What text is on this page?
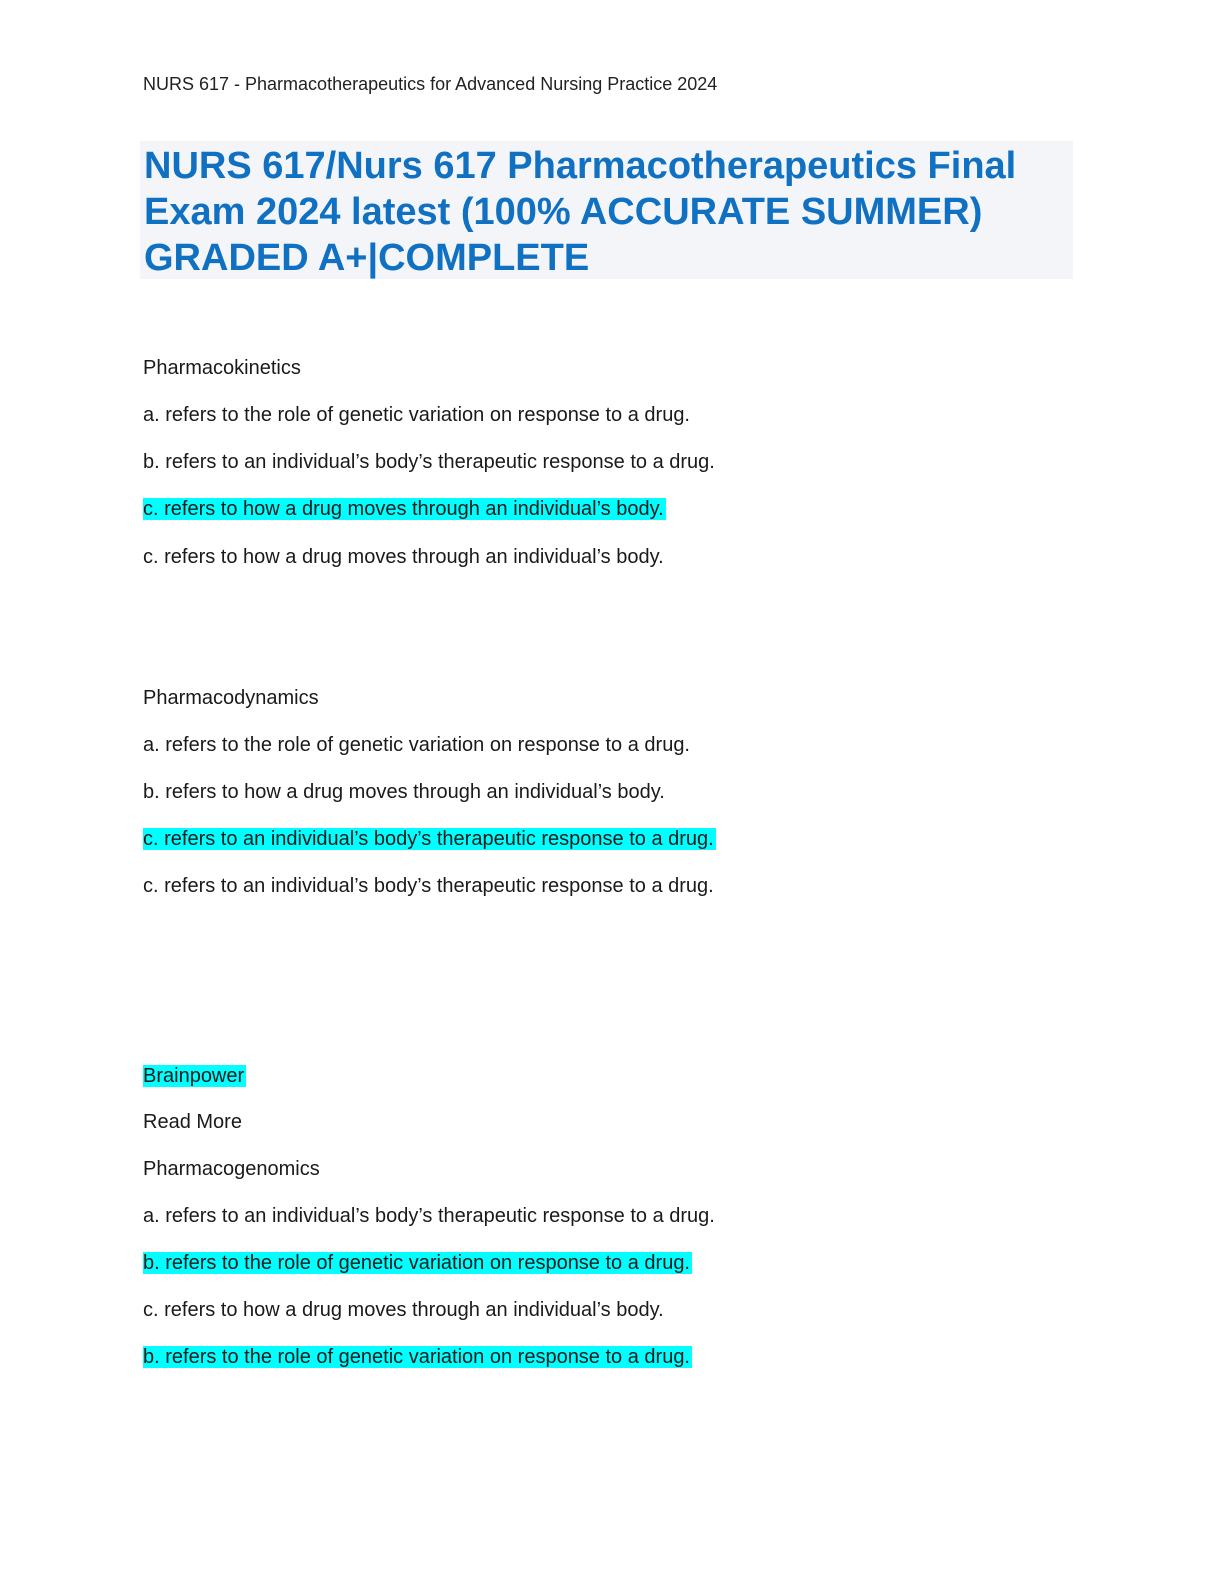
NURS 617 - Pharmacotherapeutics for Advanced Nursing Practice 2024
NURS 617/Nurs 617 Pharmacotherapeutics Final
Exam 2024 latest (100% ACCURATE SUMMER)
GRADED A+|COMPLETE
Pharmacokinetics
a. refers to the role of genetic variation on response to a drug.
b. refers to an individual’s body’s therapeutic response to a drug.
c. refers to how a drug moves through an individual’s body.
c. refers to how a drug moves through an individual’s body.
Pharmacodynamics
a. refers to the role of genetic variation on response to a drug.
b. refers to how a drug moves through an individual’s body.
c. refers to an individual’s body’s therapeutic response to a drug.
c. refers to an individual’s body’s therapeutic response to a drug.
Brainpower
Read More
Pharmacogenomics
a. refers to an individual’s body’s therapeutic response to a drug.
b. refers to the role of genetic variation on response to a drug.
c. refers to how a drug moves through an individual’s body.
b. refers to the role of genetic variation on response to a drug.
